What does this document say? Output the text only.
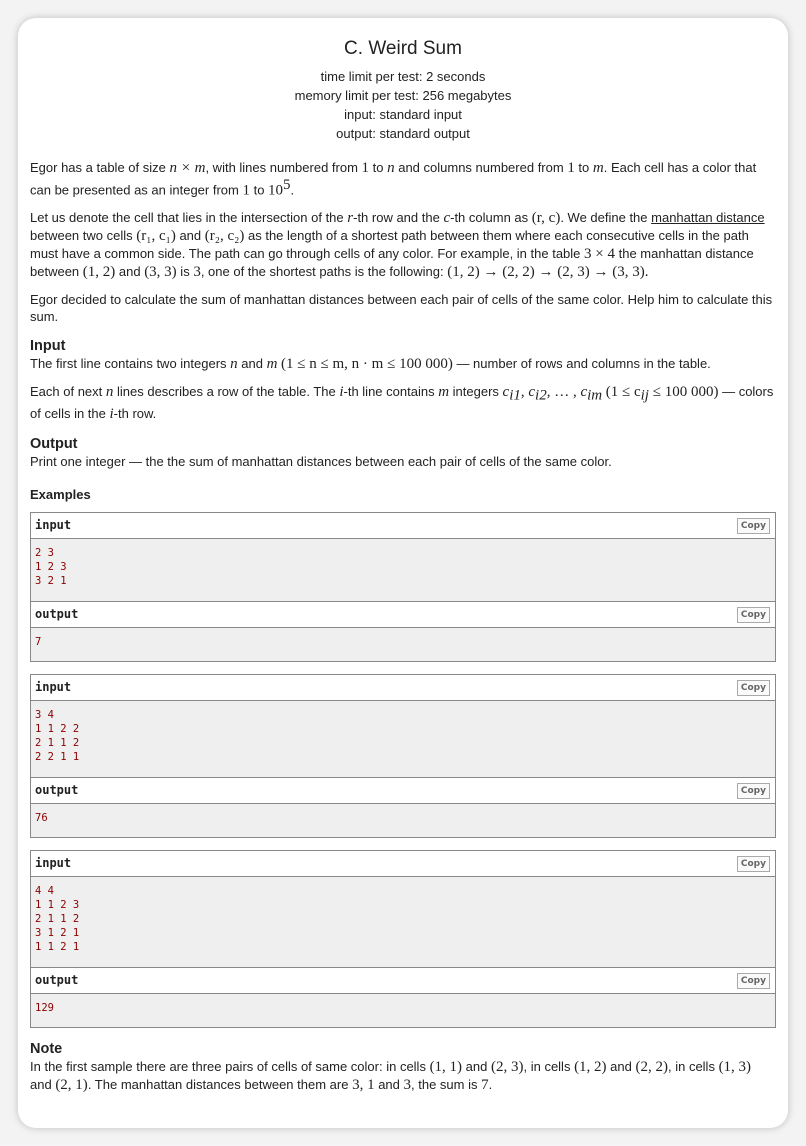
C. Weird Sum
time limit per test: 2 seconds
memory limit per test: 256 megabytes
input: standard input
output: standard output

Egor has a table of size n × m, with lines numbered from 1 to n and columns numbered from 1 to m. Each cell has a color that can be presented as an integer from 1 to $10^5$.

Let us denote the cell that lies in the intersection of the r-th row and the c-th column as (r, c). We define the manhattan distance between two cells (r₁, c₁) and (r₂, c₂) as the length of a shortest path between them where each consecutive cells in the path must have a common side. The path can go through cells of any color. For example, in the table 3 × 4 the manhattan distance between (1, 2) and (3, 3) is 3, one of the shortest paths is the following: (1, 2) → (2, 2) → (2, 3) → (3, 3).

Egor decided to calculate the sum of manhattan distances between each pair of cells of the same color. Help him to calculate this sum.

Input

The first line contains two integers n and m (1 ≤ n ≤ m, n · m ≤ 100 000) — number of rows and columns in the table.

Each of next n lines describes a row of the table. The i-th line contains m integers $c_{i1}$, $c_{i2}$, … , $c_{im}$ ($1 \le c_{ij} \le 100$ 000) — colors of cells in the i-th row.

Output

Print one integer — the the sum of manhattan distances between each pair of cells of the same color.

Examples
input	Copy
2 3
1 2 3
3 2 1
output	Copy
7
input	Copy
3 4
1 1 2 2
2 1 1 2
2 2 1 1
output	Copy
76
input	Copy
4 4
1 1 2 3
2 1 1 2
3 1 2 1
1 1 2 1
output	Copy
129
Note

In the first sample there are three pairs of cells of same color: in cells (1, 1) and (2, 3), in cells (1, 2) and (2, 2), in cells (1, 3) and (2, 1). The manhattan distances between them are 3, 1 and 3, the sum is 7.
